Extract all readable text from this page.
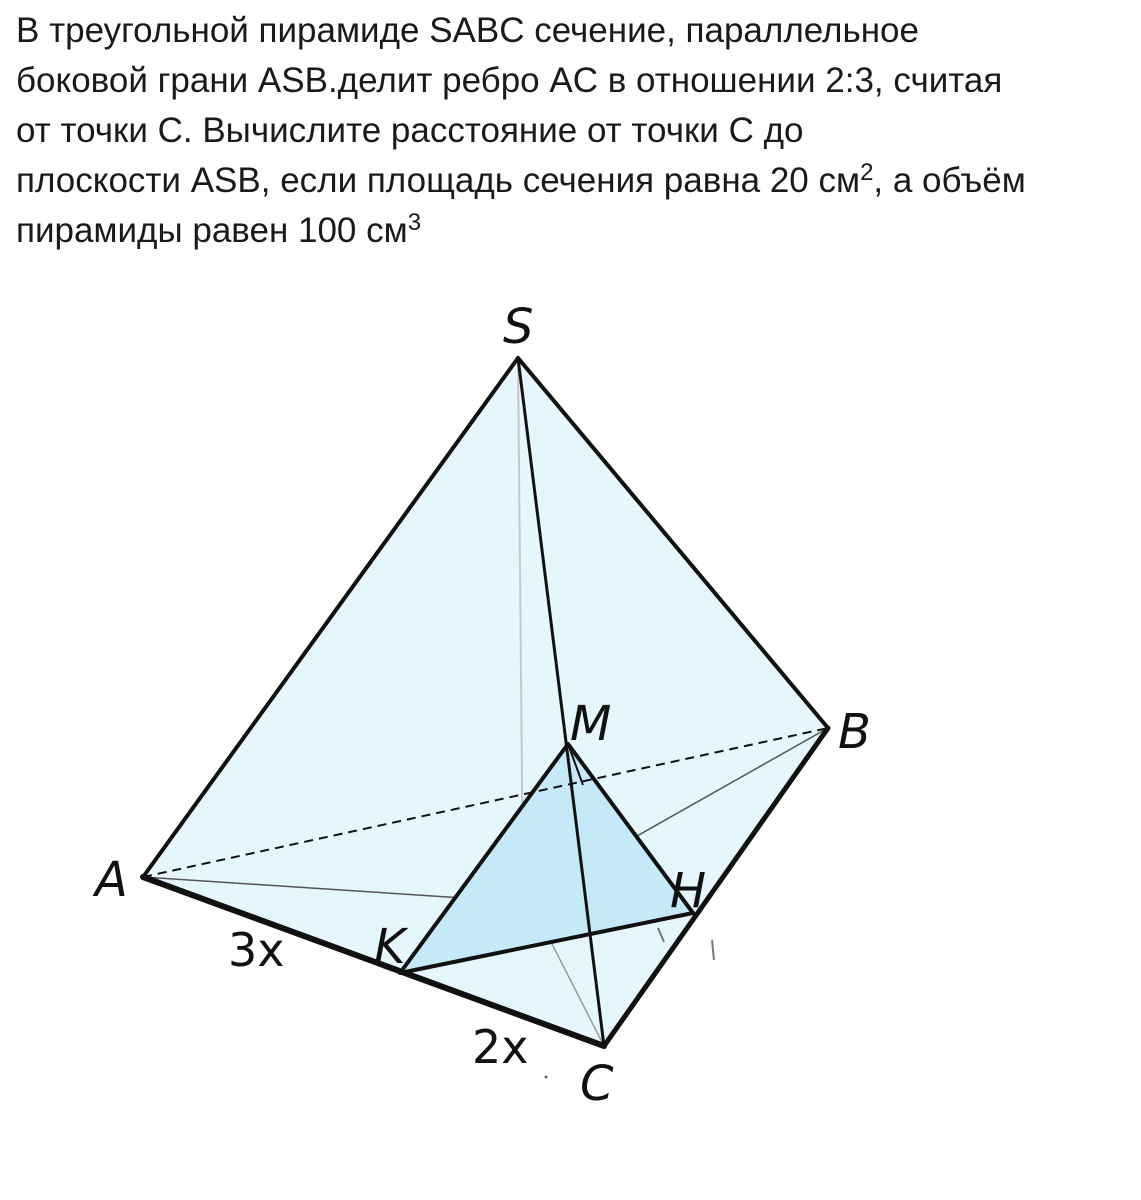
В треугольной пирамиде SABC сечение, параллельное
боковой грани ASB.делит ребро AC в отношении 2:3, считая
от точки С. Вычислите расстояние от точки С до
плоскости ASB, если площадь сечения равна 20 $см^2$, а объём
пирамиды равен 100 $см^3$

S
A
B
C
M
K
H
3x
2x
